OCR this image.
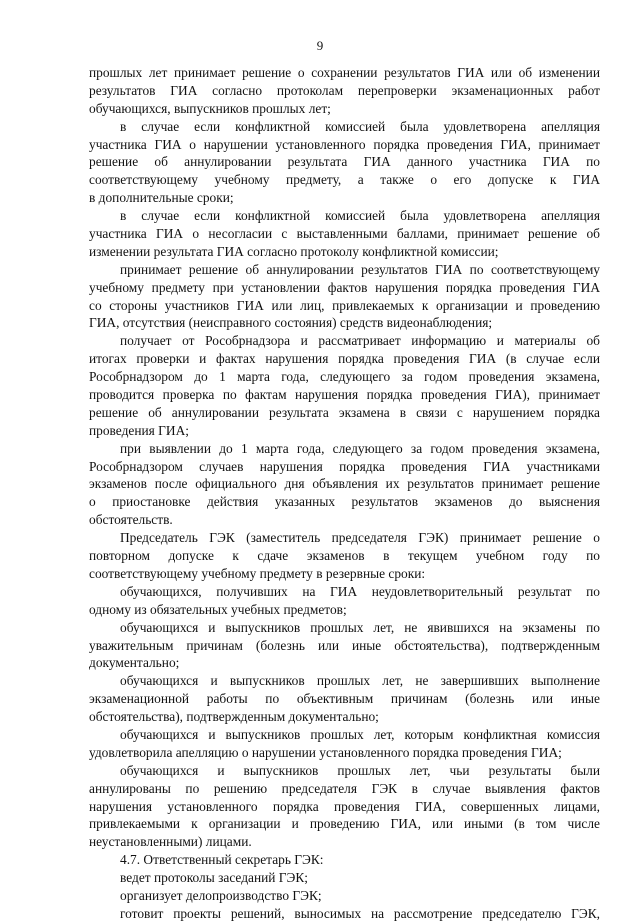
9
прошлых лет принимает решение о сохранении результатов ГИА или об изменении
результатов ГИА согласно протоколам перепроверки экзаменационных работ
обучающихся, выпускников прошлых лет;
в случае если конфликтной комиссией была удовлетворена апелляция
участника ГИА о нарушении установленного порядка проведения ГИА, принимает
решение об аннулировании результата ГИА данного участника ГИА по
соответствующему учебному предмету, а также о его допуске к ГИА
в дополнительные сроки;
в случае если конфликтной комиссией была удовлетворена апелляция
участника ГИА о несогласии с выставленными баллами, принимает решение об
изменении результата ГИА согласно протоколу конфликтной комиссии;
принимает решение об аннулировании результатов ГИА по соответствующему
учебному предмету при установлении фактов нарушения порядка проведения ГИА
со стороны участников ГИА или лиц, привлекаемых к организации и проведению
ГИА, отсутствия (неисправного состояния) средств видеонаблюдения;
получает от Рособрнадзора и рассматривает информацию и материалы об
итогах проверки и фактах нарушения порядка проведения ГИА (в случае если
Рособрнадзором до 1 марта года, следующего за годом проведения экзамена,
проводится проверка по фактам нарушения порядка проведения ГИА), принимает
решение об аннулировании результата экзамена в связи с нарушением порядка
проведения ГИА;
при выявлении до 1 марта года, следующего за годом проведения экзамена,
Рособрнадзором случаев нарушения порядка проведения ГИА участниками
экзаменов после официального дня объявления их результатов принимает решение
о приостановке действия указанных результатов экзаменов до выяснения
обстоятельств.
Председатель ГЭК (заместитель председателя ГЭК) принимает решение о
повторном допуске к сдаче экзаменов в текущем учебном году по
соответствующему учебному предмету в резервные сроки:
обучающихся, получивших на ГИА неудовлетворительный результат по
одному из обязательных учебных предметов;
обучающихся и выпускников прошлых лет, не явившихся на экзамены по
уважительным причинам (болезнь или иные обстоятельства), подтвержденным
документально;
обучающихся и выпускников прошлых лет, не завершивших выполнение
экзаменационной работы по объективным причинам (болезнь или иные
обстоятельства), подтвержденным документально;
обучающихся и выпускников прошлых лет, которым конфликтная комиссия
удовлетворила апелляцию о нарушении установленного порядка проведения ГИА;
обучающихся и выпускников прошлых лет, чьи результаты были
аннулированы по решению председателя ГЭК в случае выявления фактов
нарушения установленного порядка проведения ГИА, совершенных лицами,
привлекаемыми к организации и проведению ГИА, или иными (в том числе
неустановленными) лицами.
4.7. Ответственный секретарь ГЭК:
ведет протоколы заседаний ГЭК;
организует делопроизводство ГЭК;
готовит проекты решений, выносимых на рассмотрение председателю ГЭК,
